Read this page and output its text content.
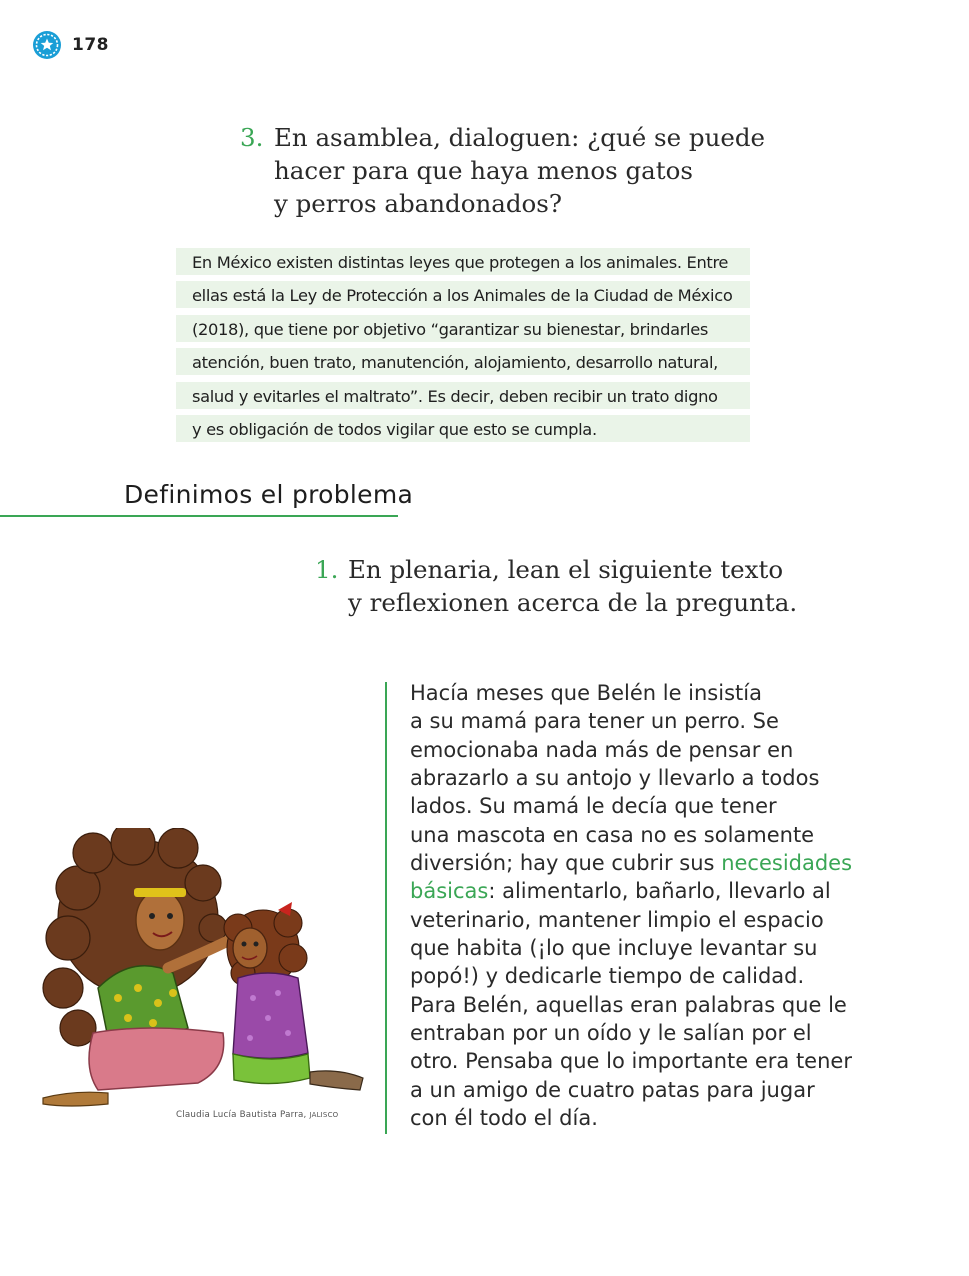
178
3. En asamblea, dialoguen: ¿qué se puede
hacer para que haya menos gatos
y perros abandonados?
En México existen distintas leyes que protegen a los animales. Entre
ellas está la Ley de Protección a los Animales de la Ciudad de México
(2018), que tiene por objetivo “garantizar su bienestar, brindarles
atención, buen trato, manutención, alojamiento, desarrollo natural,
salud y evitarles el maltrato”. Es decir, deben recibir un trato digno
y es obligación de todos vigilar que esto se cumpla.
Definimos el problema
1. En plenaria, lean el siguiente texto
y reflexionen acerca de la pregunta.
Hacía meses que Belén le insistía
a su mamá para tener un perro. Se
emocionaba nada más de pensar en
abrazarlo a su antojo y llevarlo a todos
lados. Su mamá le decía que tener
una mascota en casa no es solamente
diversión; hay que cubrir sus necesidades
básicas: alimentarlo, bañarlo, llevarlo al
veterinario, mantener limpio el espacio
que habita (¡lo que incluye levantar su
popó!) y dedicarle tiempo de calidad.
Para Belén, aquellas eran palabras que le
entraban por un oído y le salían por el
otro. Pensaba que lo importante era tener
a un amigo de cuatro patas para jugar
con él todo el día.
Claudia Lucía Bautista Parra, JALISCO
